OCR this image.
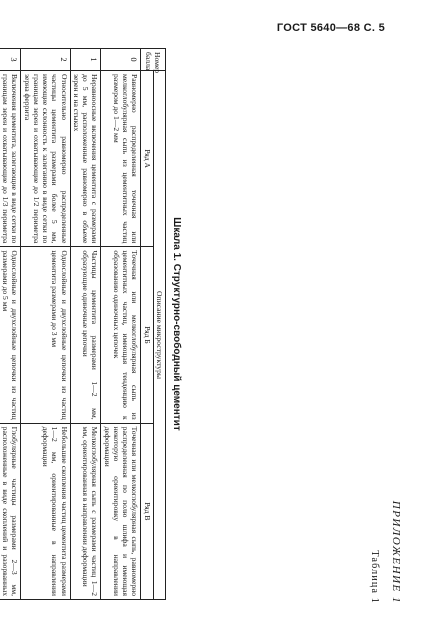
ГОСТ 5640—68 С. 5
ПРИЛОЖЕНИЕ 1
Таблица 1
Шкала 1. Структурно-свободный цементит
Номер балла	Описание микроструктуры		
	Ряд А	Ряд Б	Ряд В
0	Равномерно распределенная точечная или мелкоглобулярная сыпь из цементитных частиц размером до 1—2 мм	Точечная или мелкоглобулярная сыпь из цементитных частиц, имеющая тенденцию к образованию одиночных цепочек	Точечная или мелкоглобулярная сыпь, равномерно распределенная по полю шлифа и имеющая некоторую ориентировку в направлении деформации
1	Неравноосные включения цементита с размерами до 5 мм, расположенные равномерно в объеме зерен и на стыках	Частицы цементита размерами 1—2 мм, образующие одиночные цепочки	Мелкоглобулярная сыпь с размерами частиц 1—2 мм, ориентированная в направлении деформации
2	Относительно равномерно распределенные частицы цементита размерами более 5 мм, имеющие склонность к залеганию в виде сетки по границам зерен и охватывающие до 1/2 периметра зерна феррита	Однослойные и двухслойные цепочки из частиц цементита размерами до 3 мм	Небольшие скопления частиц цементита размерами 1—2 мм, ориентированные в направлении деформации
3	Включения цементита, залегающие в виде сетки по границам зерен и охватывающие до 1/3 периметра	Однослойные и двухслойные цепочки из частиц размерами до 5 мм	Глобулярные частицы размерами 2—3 мм, расположенные в виде скоплений и разорванных
